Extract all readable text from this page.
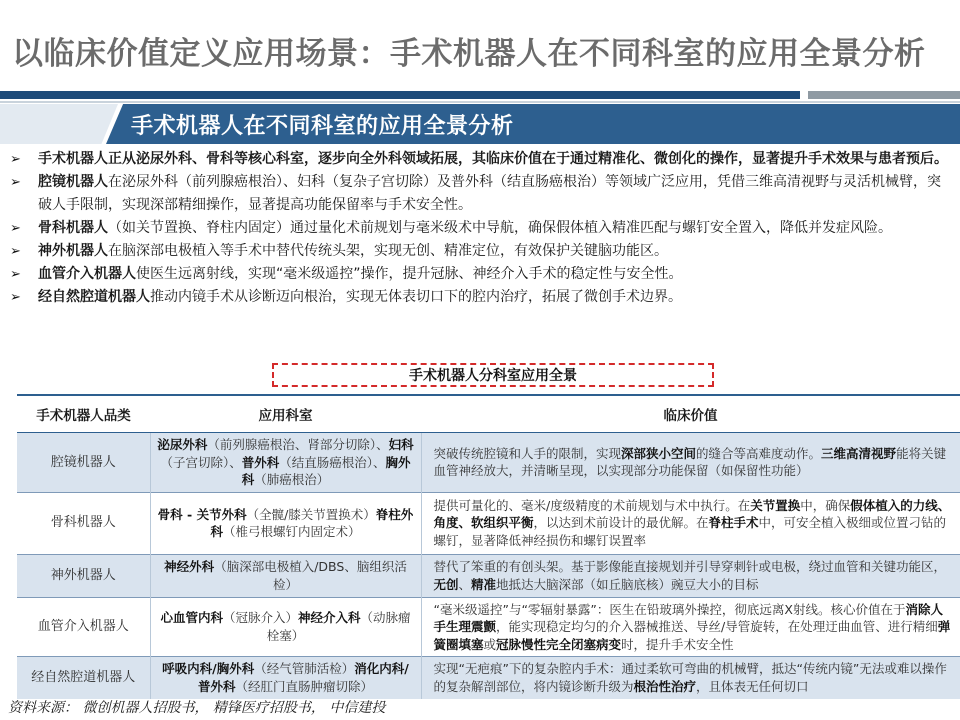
以临床价值定义应用场景：手术机器人在不同科室的应用全景分析
手术机器人在不同科室的应用全景分析
➢ 手术机器人正从泌尿外科、骨科等核心科室，逐步向全外科领域拓展，其临床价值在于通过精准化、微创化的操作，显著提升手术效果与患者预后。
➢ 腔镜机器人在泌尿外科（前列腺癌根治）、妇科（复杂子宫切除）及普外科（结直肠癌根治）等领域广泛应用，凭借三维高清视野与灵活机械臂，突破人手限制，实现深部精细操作，显著提高功能保留率与手术安全性。
➢ 骨科机器人（如关节置换、脊柱内固定）通过量化术前规划与毫米级术中导航，确保假体植入精准匹配与螺钉安全置入，降低并发症风险。
➢ 神外机器人在脑深部电极植入等手术中替代传统头架，实现无创、精准定位，有效保护关键脑功能区。
➢ 血管介入机器人使医生远离射线，实现“毫米级遥控”操作，提升冠脉、神经介入手术的稳定性与安全性。
➢ 经自然腔道机器人推动内镜手术从诊断迈向根治，实现无体表切口下的腔内治疗，拓展了微创手术边界。
手术机器人分科室应用全景
手术机器人品类	应用科室	临床价值
腔镜机器人	泌尿外科（前列腺癌根治、肾部分切除）、妇科（子宫切除）、普外科（结直肠癌根治）、胸外科（肺癌根治）	突破传统腔镜和人手的限制，实现深部狭小空间的缝合等高难度动作。三维高清视野能将关键血管神经放大，并清晰呈现，以实现部分功能保留（如保留性功能）
骨科机器人	骨科 - 关节外科（全髋/膝关节置换术）脊柱外科（椎弓根螺钉内固定术）	提供可量化的、毫米/度级精度的术前规划与术中执行。在关节置换中，确保假体植入的力线、角度、软组织平衡，以达到术前设计的最优解。在脊柱手术中，可安全植入极细或位置刁钻的螺钉，显著降低神经损伤和螺钉误置率
神外机器人	神经外科（脑深部电极植入/DBS、脑组织活检）	替代了笨重的有创头架。基于影像能直接规划并引导穿刺针或电极，绕过血管和关键功能区，无创、精准地抵达大脑深部（如丘脑底核）豌豆大小的目标
血管介入机器人	心血管内科（冠脉介入）神经介入科（动脉瘤栓塞）	“毫米级遥控”与“零辐射暴露”：医生在铅玻璃外操控，彻底远离X射线。核心价值在于消除人手生理震颤，能实现稳定均匀的介入器械推送、导丝/导管旋转，在处理迂曲血管、进行精细弹簧圈填塞或冠脉慢性完全闭塞病变时，提升手术安全性
经自然腔道机器人	呼吸内科/胸外科（经气管肺活检）消化内科/普外科（经肛门直肠肿瘤切除）	实现“无疤痕”下的复杂腔内手术：通过柔软可弯曲的机械臂，抵达“传统内镜”无法或难以操作的复杂解剖部位，将内镜诊断升级为根治性治疗，且体表无任何切口
资料来源： 微创机器人招股书， 精锋医疗招股书， 中信建投
